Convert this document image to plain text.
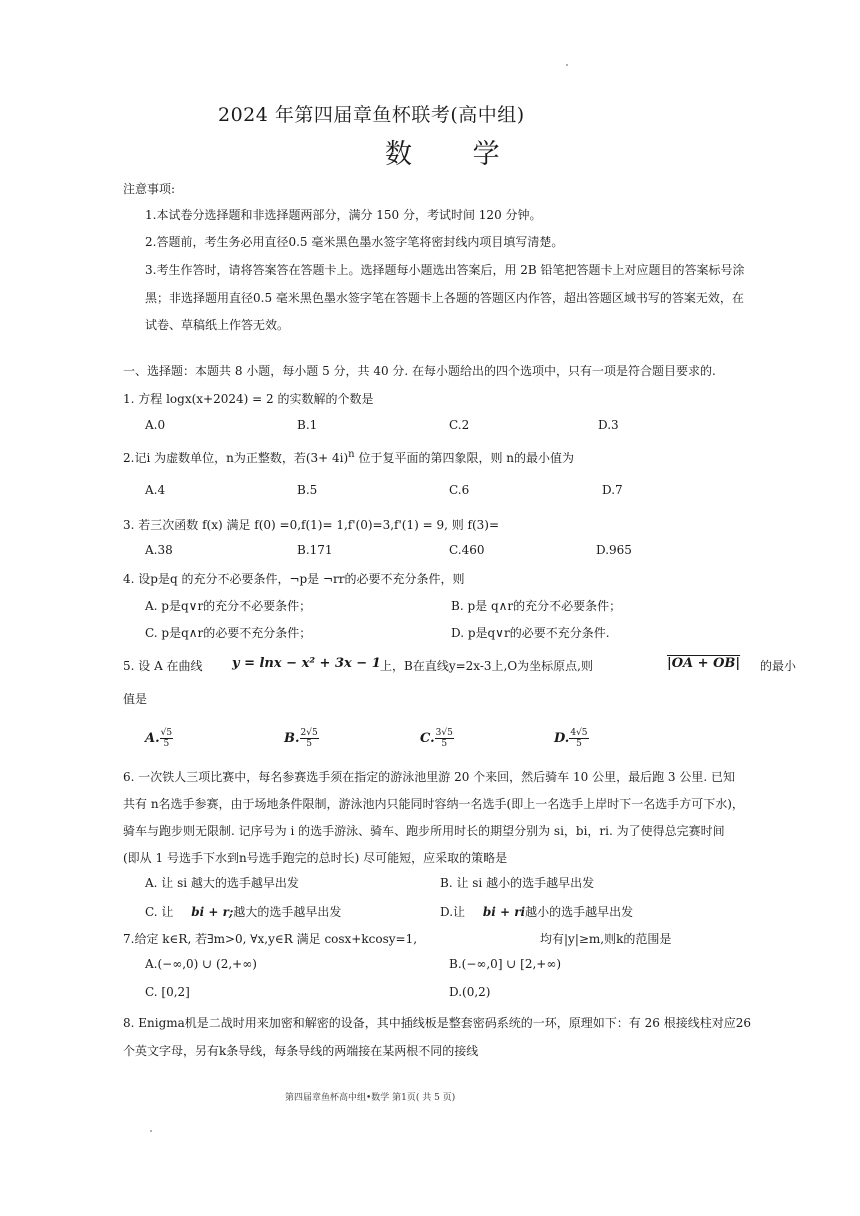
2024 年第四届章鱼杯联考(高中组)
数 学
注意事项:
1.本试卷分选择题和非选择题两部分，满分 150 分，考试时间 120 分钟。
2.答题前，考生务必用直径0.5 毫米黑色墨水签字笔将密封线内项目填写清楚。
3.考生作答时，请将答案答在答题卡上。选择题每小题选出答案后，用 2B 铅笔把答题卡上对应题目的答案标号涂
黑；非选择题用直径0.5 毫米黑色墨水签字笔在答题卡上各题的答题区内作答，超出答题区域书写的答案无效，在
试卷、草稿纸上作答无效。
一、选择题：本题共 8 小题，每小题 5 分，共 40 分. 在每小题给出的四个选项中，只有一项是符合题目要求的.
1. 方程 logx(x+2024) = 2 的实数解的个数是
A.0	B.1	C.2	D.3
2.记i 为虚数单位，n为正整数，若$(3+ 4i)^n$ 位于复平面的第四象限，则 n的最小值为
A.4	B.5	C.6	D.7
3. 若三次函数 f(x) 满足 f(0) =0,f(1)= 1,f'(0)=3,f'(1) = 9, 则 f(3)=
A.38	B.171	C.460	D.965
4. 设p是q 的充分不必要条件，¬p是 ¬rr的必要不充分条件，则
A. p是q∨r的充分不必要条件；	B. p是 q∧r的充分不必要条件；
C. p是q∧r的必要不充分条件；	D. p是q∨r的必要不充分条件.
5. 设 A 在曲线 y = lnx − x² + 3x − 1 上，B在直线y=2x-3上,O为坐标原点,则	|OA + OB| 的最小
值是
A. $\frac{√5}{5}$	B. $\frac{2√5}{5}$	C. $\frac{3√5}{5}$	D. $\frac{4√5}{5}$
6. 一次铁人三项比赛中，每名参赛选手须在指定的游泳池里游 20 个来回，然后骑车 10 公里，最后跑 3 公里. 已知
共有 n名选手参赛，由于场地条件限制，游泳池内只能同时容纳一名选手(即上一名选手上岸时下一名选手方可下水)，
骑车与跑步则无限制. 记序号为 i 的选手游泳、骑车、跑步所用时长的期望分别为 si，bi，ri. 为了使得总完赛时间
(即从 1 号选手下水到n号选手跑完的总时长) 尽可能短，应采取的策略是
A. 让 si 越大的选手越早出发	B. 让 si 越小的选手越早出发
C. 让 bi + r;越大的选手越早出发	D.让 bi + ri越小的选手越早出发
7.给定 k∈R, 若∃m>0, ∀x,y∈R 满足 cosx+kcosy=1,	均有|y|≥m,则k的范围是
A.(−∞,0) ∪ (2,+∞)	B.(−∞,0] ∪ [2,+∞)
C. [0,2]	D.(0,2)
8. Enigma机是二战时用来加密和解密的设备，其中插线板是整套密码系统的一环，原理如下：有 26 根接线柱对应26
个英文字母，另有k条导线，每条导线的两端接在某两根不同的接线
第四届章鱼杯高中组•数学 第1页( 共 5 页)
